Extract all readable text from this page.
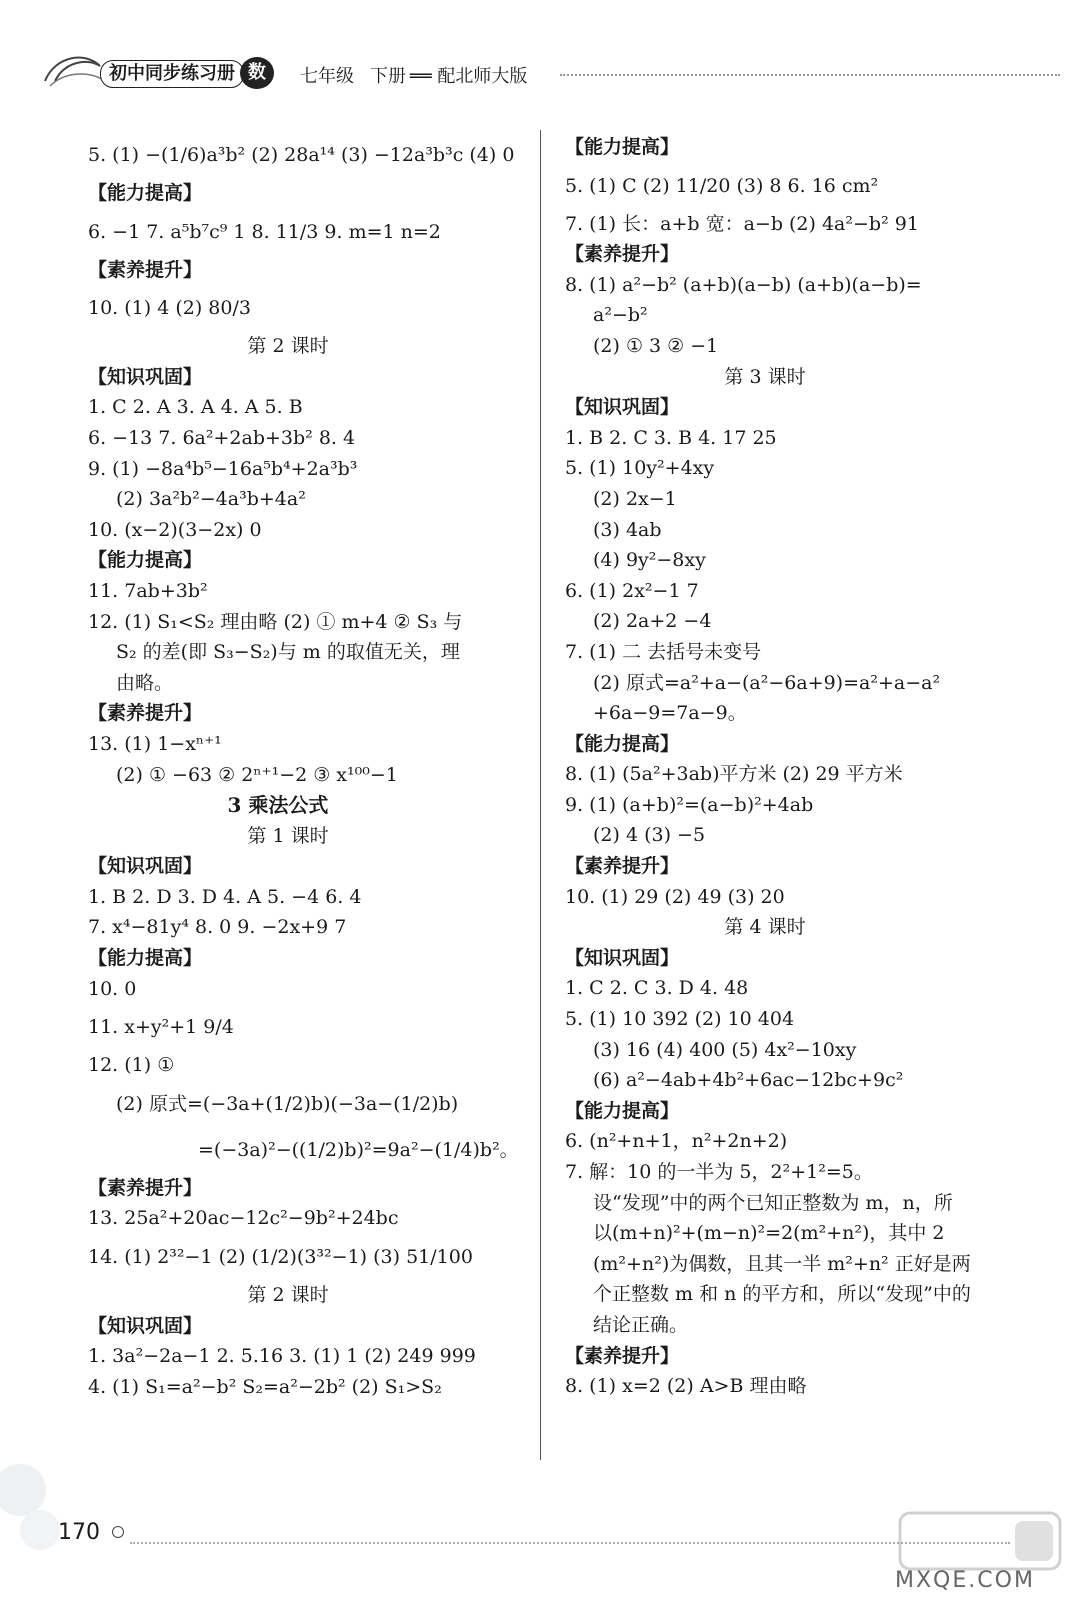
初中同步练习册 数学
七年级 下册 ══ 配北师大版
5. (1) −(1/6)a³b² (2) 28a¹⁴ (3) −12a³b³c (4) 0
【能力提高】
6. −1 7. a⁵b⁷c⁹ 1 8. 11/3 9. m=1 n=2
【素养提升】
10. (1) 4 (2) 80/3
第 2 课时
【知识巩固】
1. C 2. A 3. A 4. A 5. B
6. −13 7. 6a²+2ab+3b² 8. 4
9. (1) −8a⁴b⁵−16a⁵b⁴+2a³b³
(2) 3a²b²−4a³b+4a²
10. (x−2)(3−2x) 0
【能力提高】
11. 7ab+3b²
12. (1) S₁<S₂ 理由略 (2) ① m+4 ② S₃ 与
S₂ 的差(即 S₃−S₂)与 m 的取值无关，理
由略。
【素养提升】
13. (1) 1−xⁿ⁺¹
(2) ① −63 ② 2ⁿ⁺¹−2 ③ x¹⁰⁰−1
3 乘法公式
第 1 课时
【知识巩固】
1. B 2. D 3. D 4. A 5. −4 6. 4
7. x⁴−81y⁴ 8. 0 9. −2x+9 7
【能力提高】
10. 0
11. x+y²+1 9/4
12. (1) ①
(2) 原式=(−3a+(1/2)b)(−3a−(1/2)b)
=(−3a)²−((1/2)b)²=9a²−(1/4)b²。
【素养提升】
13. 25a²+20ac−12c²−9b²+24bc
14. (1) 2³²−1 (2) (1/2)(3³²−1) (3) 51/100
第 2 课时
【知识巩固】
1. 3a²−2a−1 2. 5.16 3. (1) 1 (2) 249 999
4. (1) S₁=a²−b² S₂=a²−2b² (2) S₁>S₂
【能力提高】
5. (1) C (2) 11/20 (3) 8 6. 16 cm²
7. (1) 长：a+b 宽：a−b (2) 4a²−b² 91
【素养提升】
8. (1) a²−b² (a+b)(a−b) (a+b)(a−b)=
a²−b²
(2) ① 3 ② −1
第 3 课时
【知识巩固】
1. B 2. C 3. B 4. 17 25
5. (1) 10y²+4xy
(2) 2x−1
(3) 4ab
(4) 9y²−8xy
6. (1) 2x²−1 7
(2) 2a+2 −4
7. (1) 二 去括号未变号
(2) 原式=a²+a−(a²−6a+9)=a²+a−a²
+6a−9=7a−9。
【能力提高】
8. (1) (5a²+3ab)平方米 (2) 29 平方米
9. (1) (a+b)²=(a−b)²+4ab
(2) 4 (3) −5
【素养提升】
10. (1) 29 (2) 49 (3) 20
第 4 课时
【知识巩固】
1. C 2. C 3. D 4. 48
5. (1) 10 392 (2) 10 404
(3) 16 (4) 400 (5) 4x²−10xy
(6) a²−4ab+4b²+6ac−12bc+9c²
【能力提高】
6. (n²+n+1，n²+2n+2)
7. 解：10 的一半为 5，2²+1²=5。
设“发现”中的两个已知正整数为 m，n，所
以(m+n)²+(m−n)²=2(m²+n²)，其中 2
(m²+n²)为偶数，且其一半 m²+n² 正好是两
个正整数 m 和 n 的平方和，所以“发现”中的
结论正确。
【素养提升】
8. (1) x=2 (2) A>B 理由略
170
MXQE.COM
